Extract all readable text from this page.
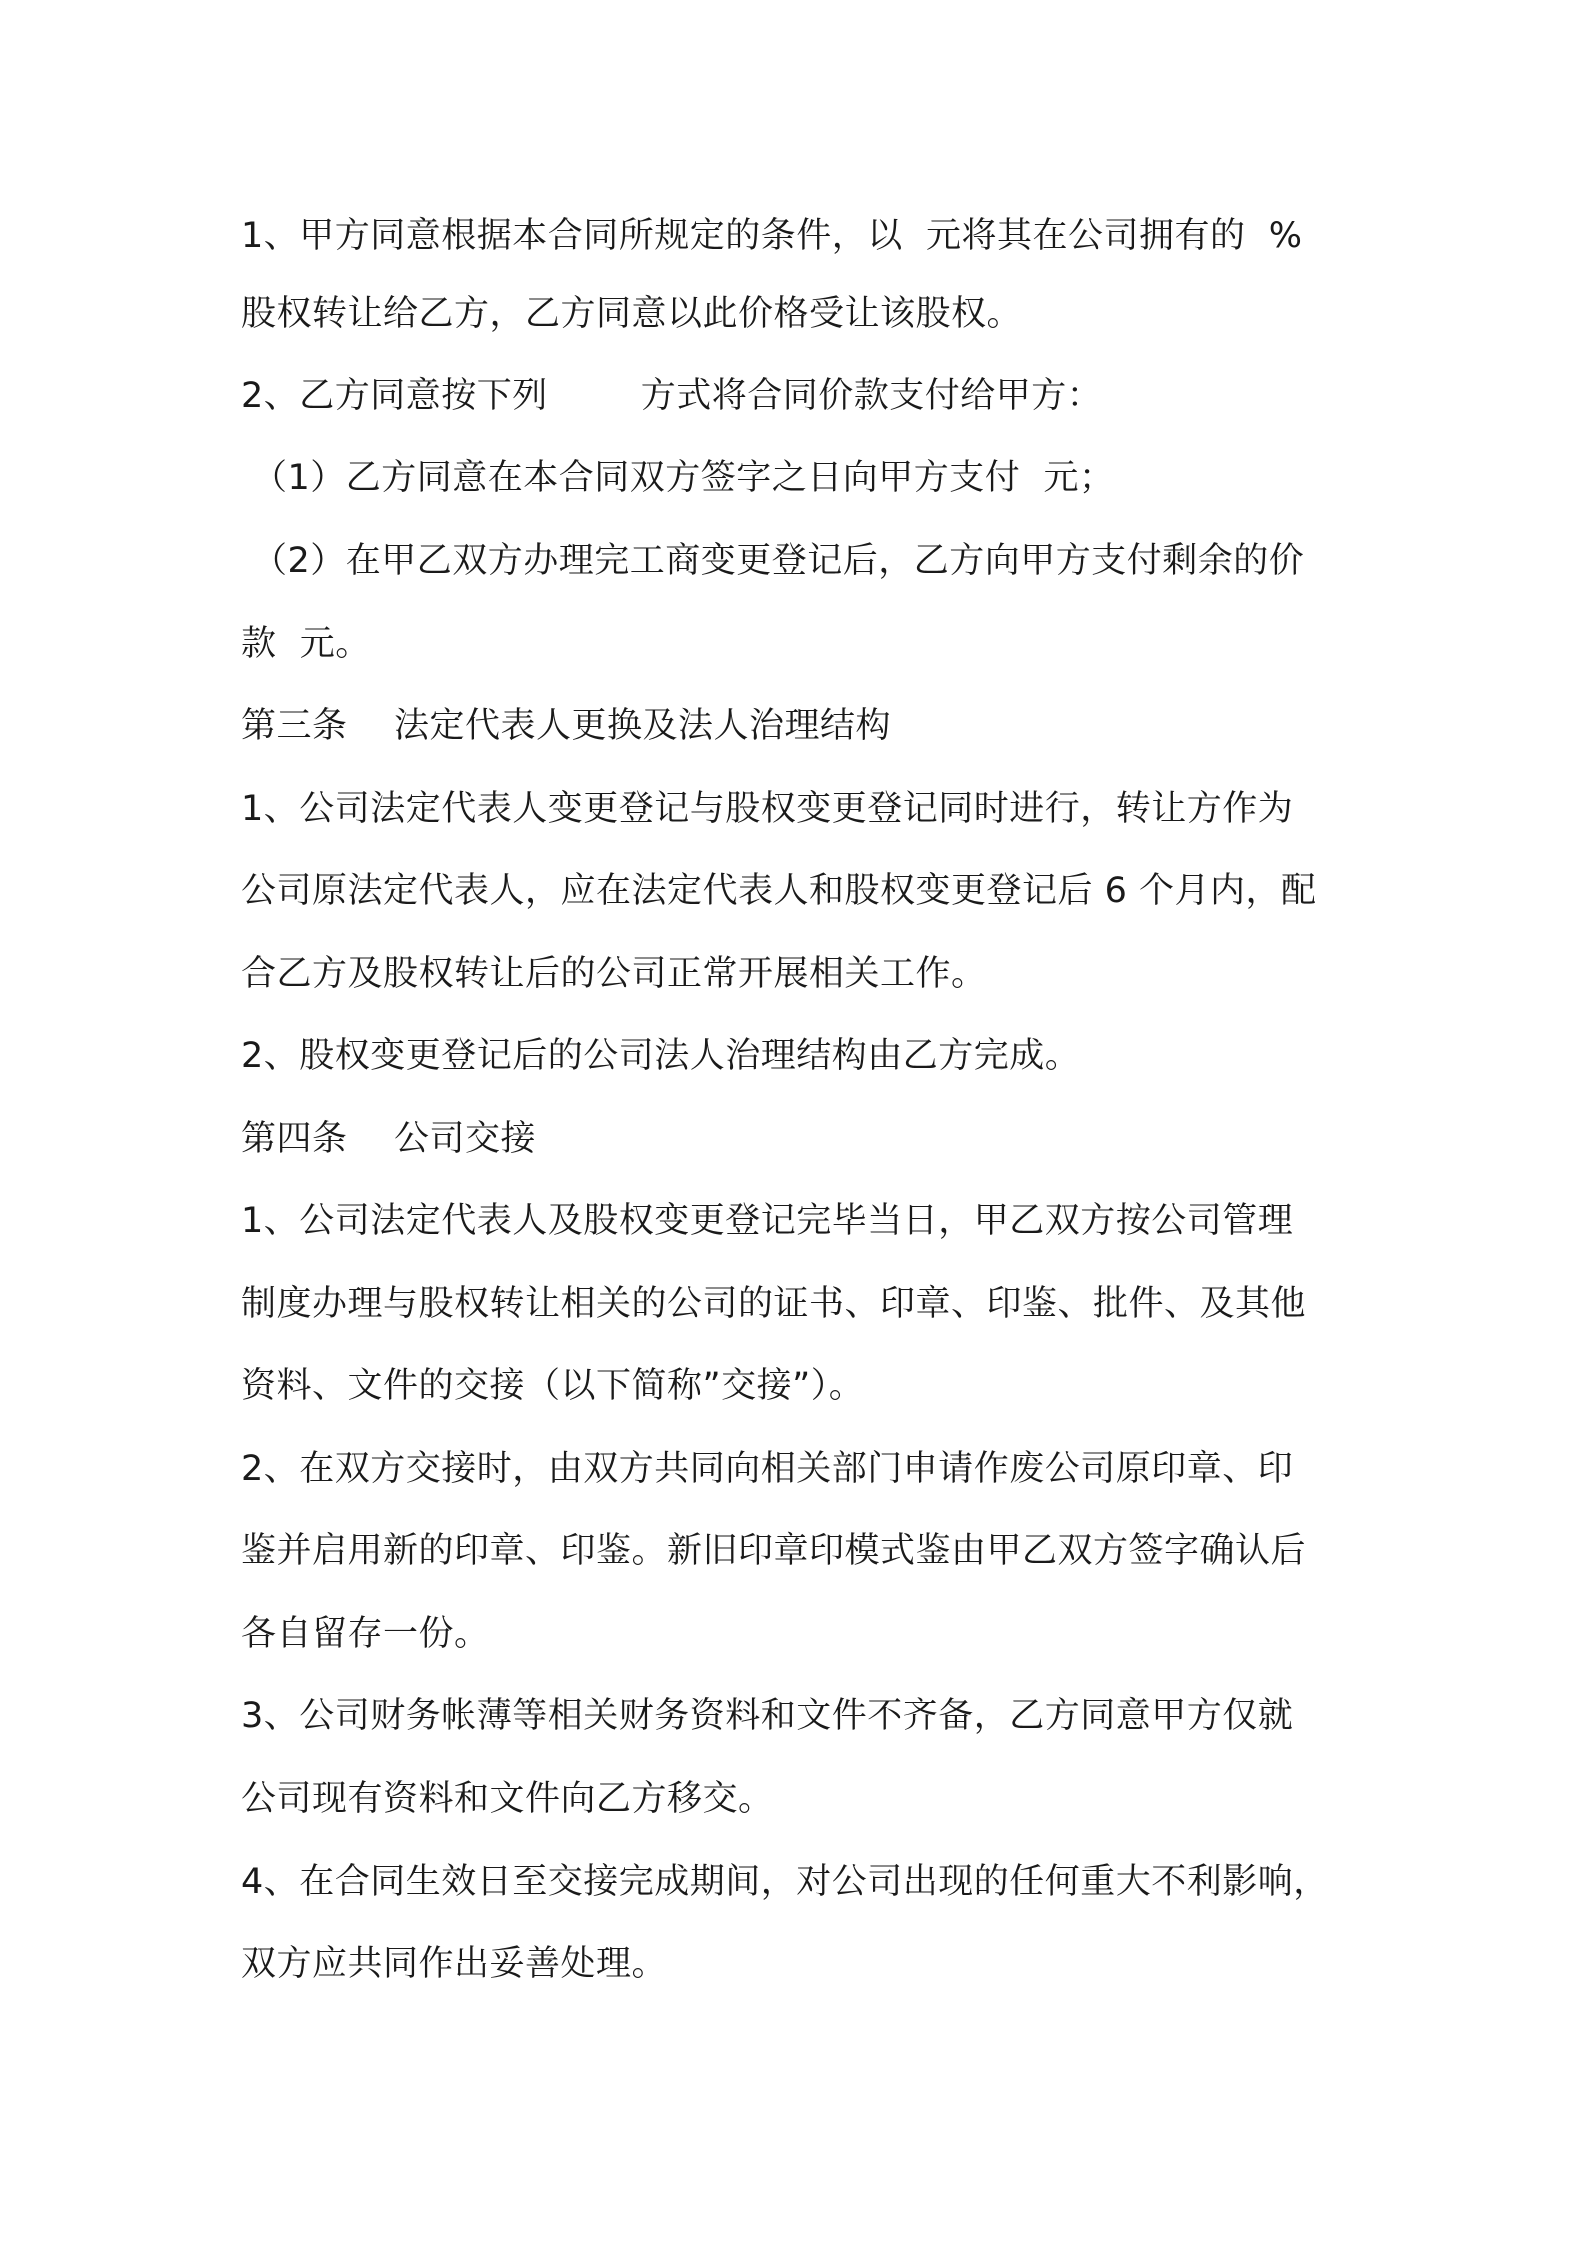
1、甲方同意根据本合同所规定的条件，以  元将其在公司拥有的  %
股权转让给乙方，乙方同意以此价格受让该股权。
2、乙方同意按下列        方式将合同价款支付给甲方：
（1）乙方同意在本合同双方签字之日向甲方支付  元；
（2）在甲乙双方办理完工商变更登记后，乙方向甲方支付剩余的价
款  元。
第三条    法定代表人更换及法人治理结构
1、公司法定代表人变更登记与股权变更登记同时进行，转让方作为
公司原法定代表人，应在法定代表人和股权变更登记后 6 个月内，配
合乙方及股权转让后的公司正常开展相关工作。
2、股权变更登记后的公司法人治理结构由乙方完成。
第四条    公司交接
1、公司法定代表人及股权变更登记完毕当日，甲乙双方按公司管理
制度办理与股权转让相关的公司的证书、印章、印鉴、批件、及其他
资料、文件的交接（以下简称”交接”）。
2、在双方交接时，由双方共同向相关部门申请作废公司原印章、印
鉴并启用新的印章、印鉴。新旧印章印模式鉴由甲乙双方签字确认后
各自留存一份。
3、公司财务帐薄等相关财务资料和文件不齐备，乙方同意甲方仅就
公司现有资料和文件向乙方移交。
4、在合同生效日至交接完成期间，对公司出现的任何重大不利影响，
双方应共同作出妥善处理。
